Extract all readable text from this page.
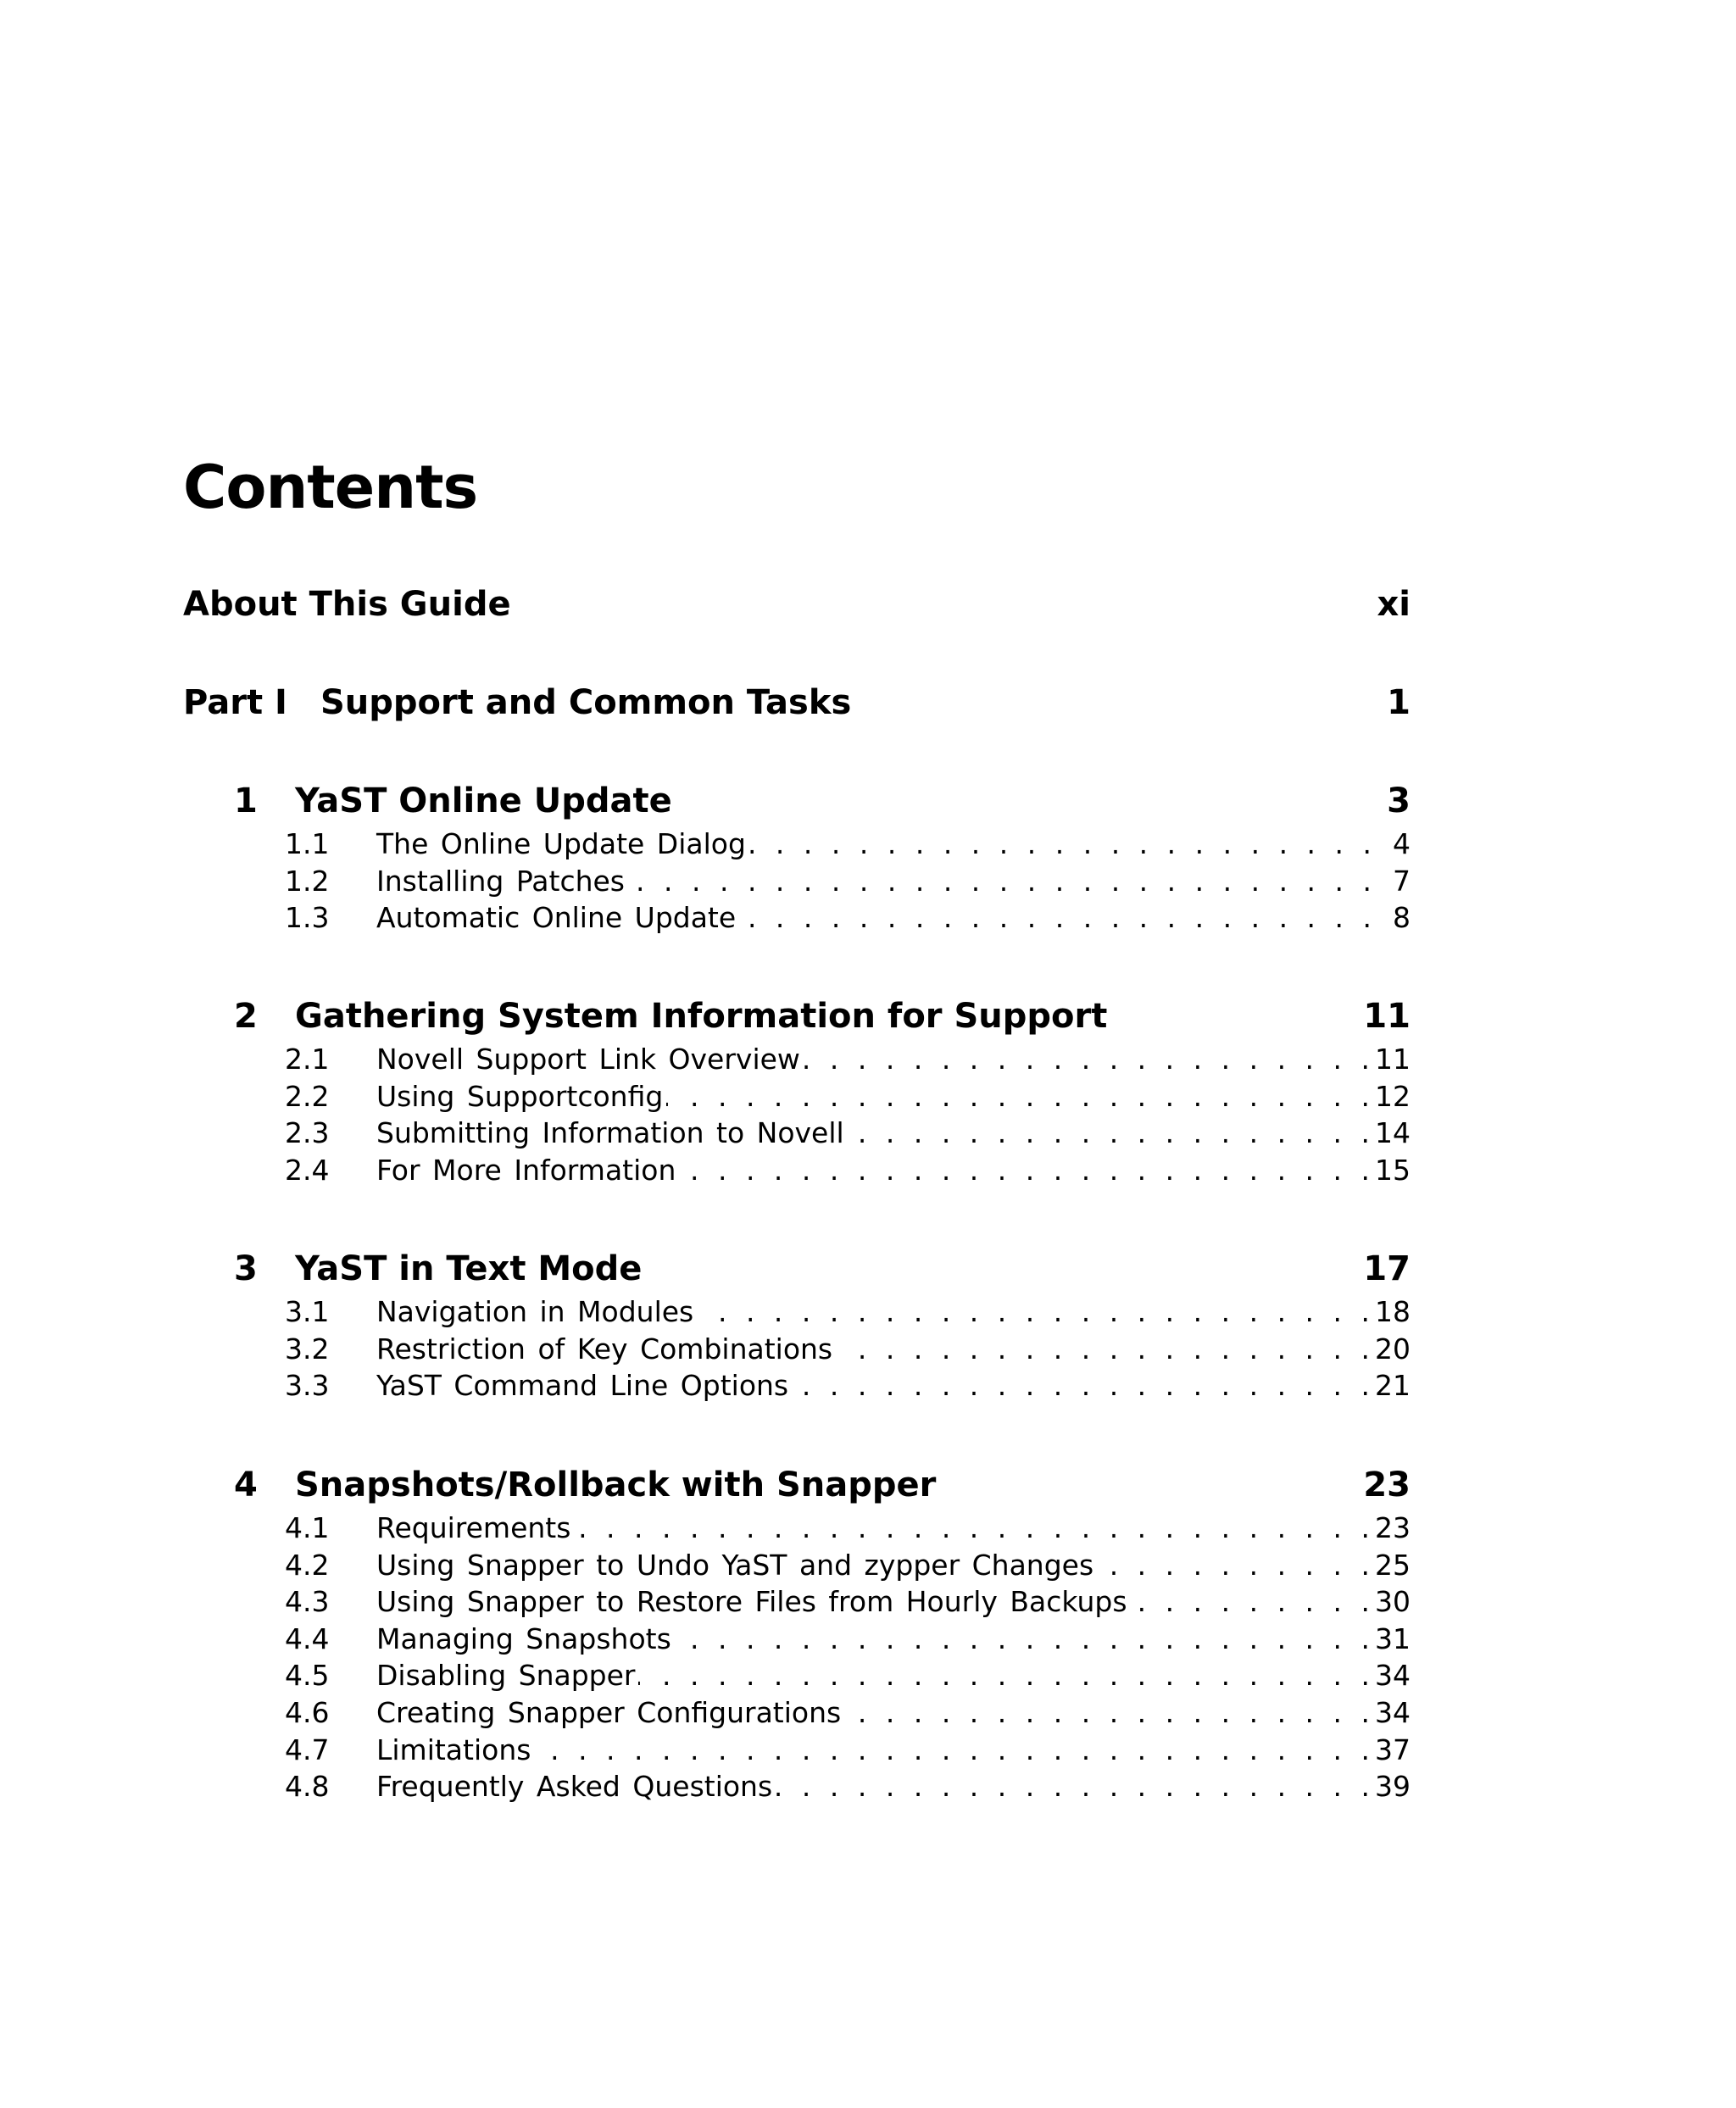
Contents
About This Guide	xi
Part I Support and Common Tasks	1
1	YaST Online Update	3
1.1	The Online Update Dialog . . .	4
1.2	Installing Patches . . .	7
1.3	Automatic Online Update . . .	8
2	Gathering System Information for Support	11
2.1	Novell Support Link Overview . . .	11
2.2	Using Supportconfig . . .	12
2.3	Submitting Information to Novell . . .	14
2.4	For More Information . . .	15
3	YaST in Text Mode	17
3.1	Navigation in Modules . . .	18
3.2	Restriction of Key Combinations . . .	20
3.3	YaST Command Line Options . . .	21
4	Snapshots/Rollback with Snapper	23
4.1	Requirements . . .	23
4.2	Using Snapper to Undo YaST and zypper Changes . . .	25
4.3	Using Snapper to Restore Files from Hourly Backups . . .	30
4.4	Managing Snapshots . . .	31
4.5	Disabling Snapper . . .	34
4.6	Creating Snapper Configurations . . .	34
4.7	Limitations . . .	37
4.8	Frequently Asked Questions . . .	39
